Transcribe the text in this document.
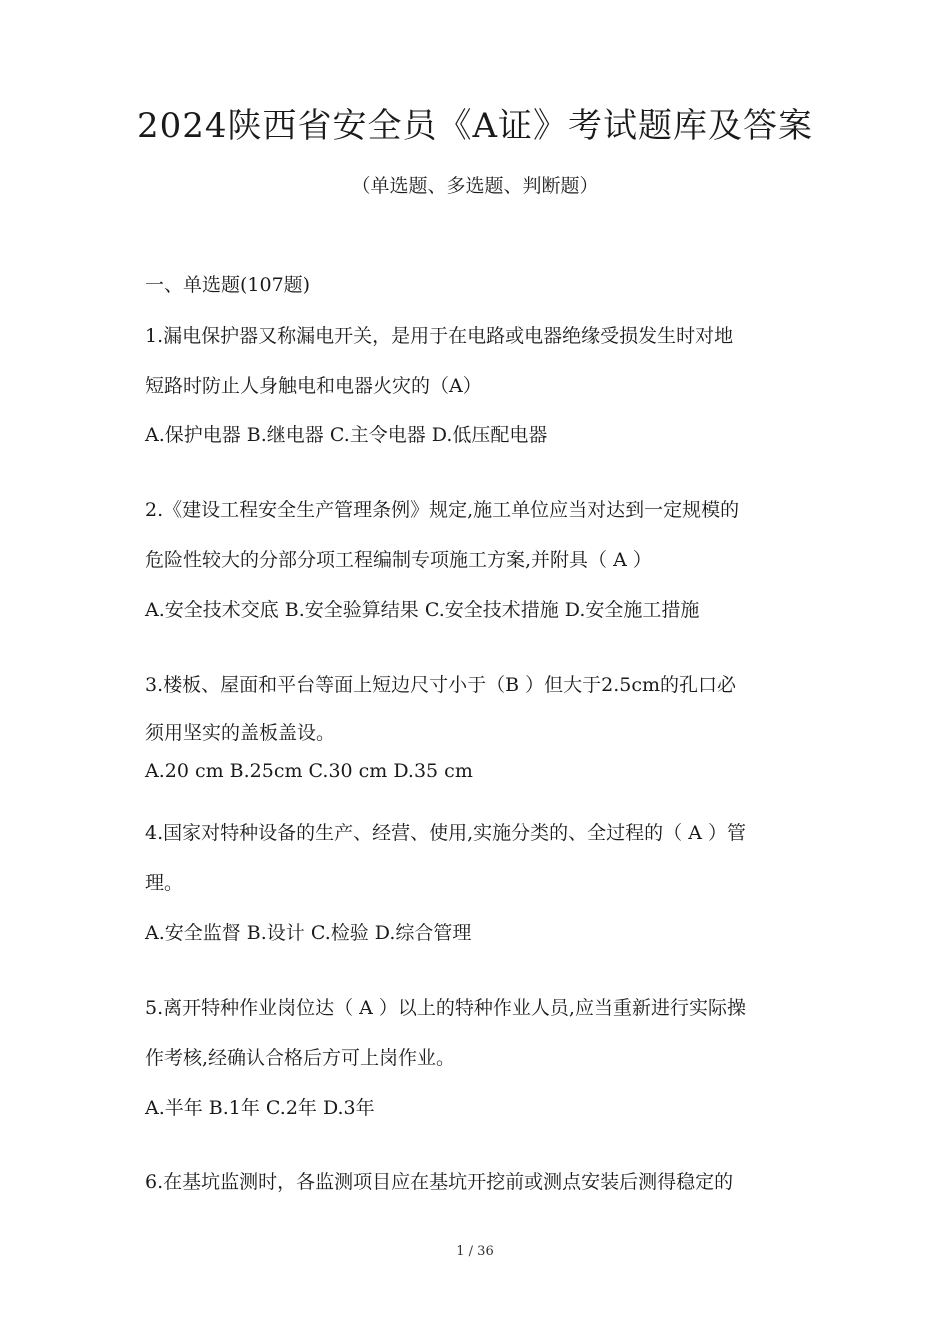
2024陕西省安全员《A证》考试题库及答案
（单选题、多选题、判断题）
一、单选题(107题)
1.漏电保护器又称漏电开关，是用于在电路或电器绝缘受损发生时对地
短路时防止人身触电和电器火灾的（A）
A.保护电器 B.继电器 C.主令电器 D.低压配电器
2.《建设工程安全生产管理条例》规定,施工单位应当对达到一定规模的
危险性较大的分部分项工程编制专项施工方案,并附具（ A ）
A.安全技术交底 B.安全验算结果 C.安全技术措施 D.安全施工措施
3.楼板、屋面和平台等面上短边尺寸小于（B ）但大于2.5cm的孔口必
须用坚实的盖板盖设。
A.20 cm B.25cm C.30 cm D.35 cm
4.国家对特种设备的生产、经营、使用,实施分类的、全过程的（ A ）管
理。
A.安全监督 B.设计 C.检验 D.综合管理
5.离开特种作业岗位达（ A ）以上的特种作业人员,应当重新进行实际操
作考核,经确认合格后方可上岗作业。
A.半年 B.1年 C.2年 D.3年
6.在基坑监测时，各监测项目应在基坑开挖前或测点安装后测得稳定的
1 / 36
